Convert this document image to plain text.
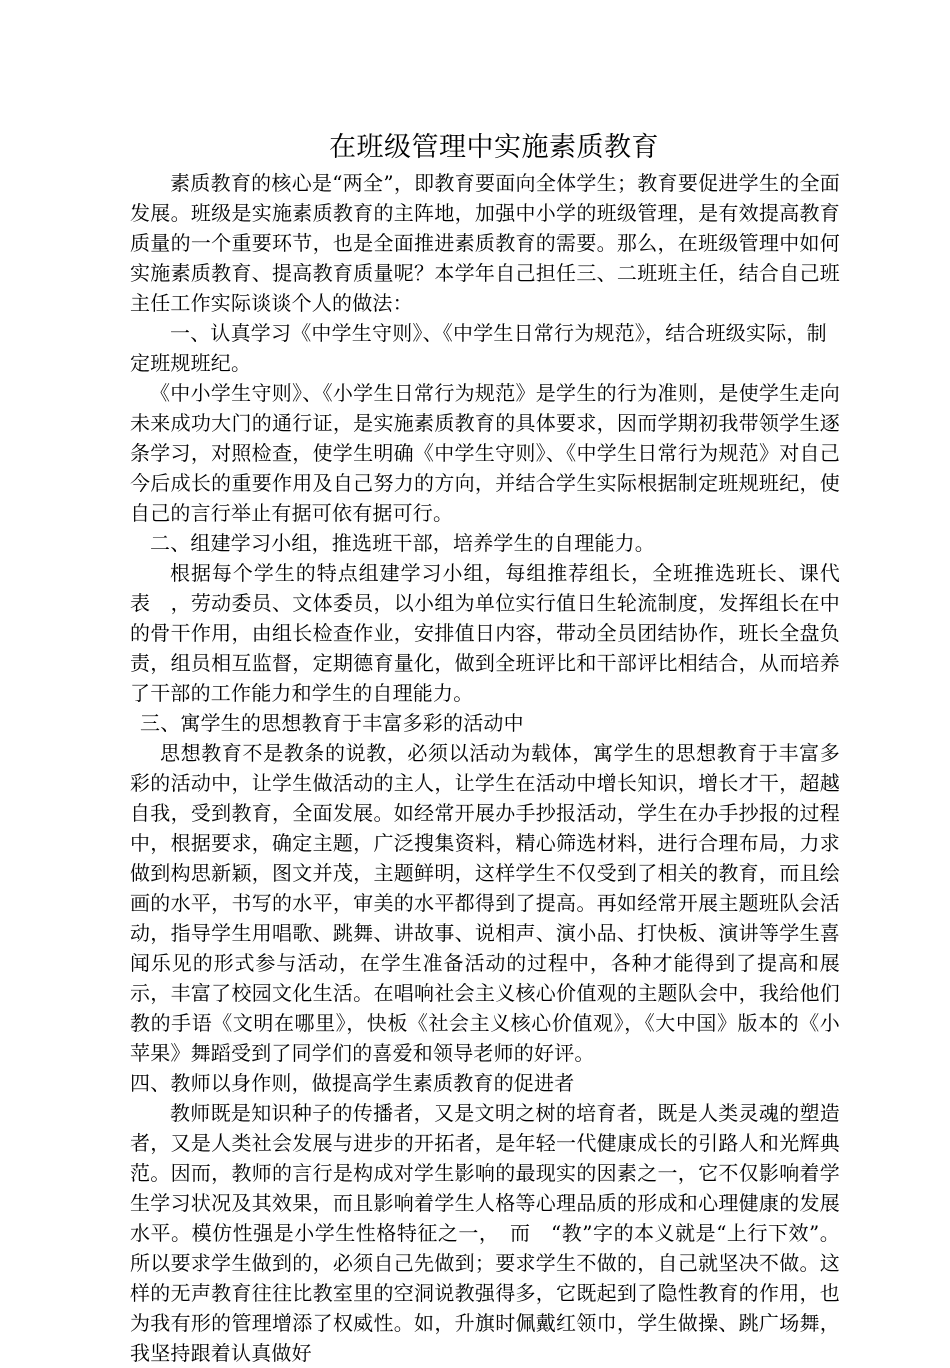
在班级管理中实施素质教育

素质教育的核心是“两全”，即教育要面向全体学生；教育要促进学生的全面发展。班级是实施素质教育的主阵地，加强中小学的班级管理，是有效提高教育质量的一个重要环节，也是全面推进素质教育的需要。那么，在班级管理中如何实施素质教育、提高教育质量呢？本学年自己担任三、二班班主任，结合自己班主任工作实际谈谈个人的做法：

一、认真学习《中学生守则》、《中学生日常行为规范》，结合班级实际，制定班规班纪。

《中小学生守则》、《小学生日常行为规范》是学生的行为准则，是使学生走向未来成功大门的通行证，是实施素质教育的具体要求，因而学期初我带领学生逐条学习，对照检查，使学生明确《中学生守则》、《中学生日常行为规范》对自己今后成长的重要作用及自己努力的方向，并结合学生实际根据制定班规班纪，使自己的言行举止有据可依有据可行。

二、组建学习小组，推选班干部，培养学生的自理能力。

根据每个学生的特点组建学习小组，每组推荐组长，全班推选班长、课代表　，劳动委员、文体委员，以小组为单位实行值日生轮流制度，发挥组长在中的骨干作用，由组长检查作业，安排值日内容，带动全员团结协作，班长全盘负责，组员相互监督，定期德育量化，做到全班评比和干部评比相结合，从而培养了干部的工作能力和学生的自理能力。

三、寓学生的思想教育于丰富多彩的活动中

思想教育不是教条的说教，必须以活动为载体，寓学生的思想教育于丰富多彩的活动中，让学生做活动的主人，让学生在活动中增长知识，增长才干，超越自我，受到教育，全面发展。如经常开展办手抄报活动，学生在办手抄报的过程中，根据要求，确定主题，广泛搜集资料，精心筛选材料，进行合理布局，力求做到构思新颖，图文并茂，主题鲜明，这样学生不仅受到了相关的教育，而且绘画的水平，书写的水平，审美的水平都得到了提高。再如经常开展主题班队会活动，指导学生用唱歌、跳舞、讲故事、说相声、演小品、打快板、演讲等学生喜闻乐见的形式参与活动，在学生准备活动的过程中，各种才能得到了提高和展示，丰富了校园文化生活。在唱响社会主义核心价值观的主题队会中，我给他们教的手语《文明在哪里》，快板《社会主义核心价值观》，《大中国》版本的《小苹果》舞蹈受到了同学们的喜爱和领导老师的好评。

四、教师以身作则，做提高学生素质教育的促进者

教师既是知识种子的传播者，又是文明之树的培育者，既是人类灵魂的塑造者，又是人类社会发展与进步的开拓者，是年轻一代健康成长的引路人和光辉典范。因而，教师的言行是构成对学生影响的最现实的因素之一，它不仅影响着学生学习状况及其效果，而且影响着学生人格等心理品质的形成和心理健康的发展水平。模仿性强是小学生性格特征之一，　而　“教”字的本义就是“上行下效”。所以要求学生做到的，必须自己先做到；要求学生不做的，自己就坚决不做。这样的无声教育往往比教室里的空洞说教强得多，它既起到了隐性教育的作用，也为我有形的管理增添了权威性。如，升旗时佩戴红领巾，学生做操、跳广场舞，我坚持跟着认真做好
